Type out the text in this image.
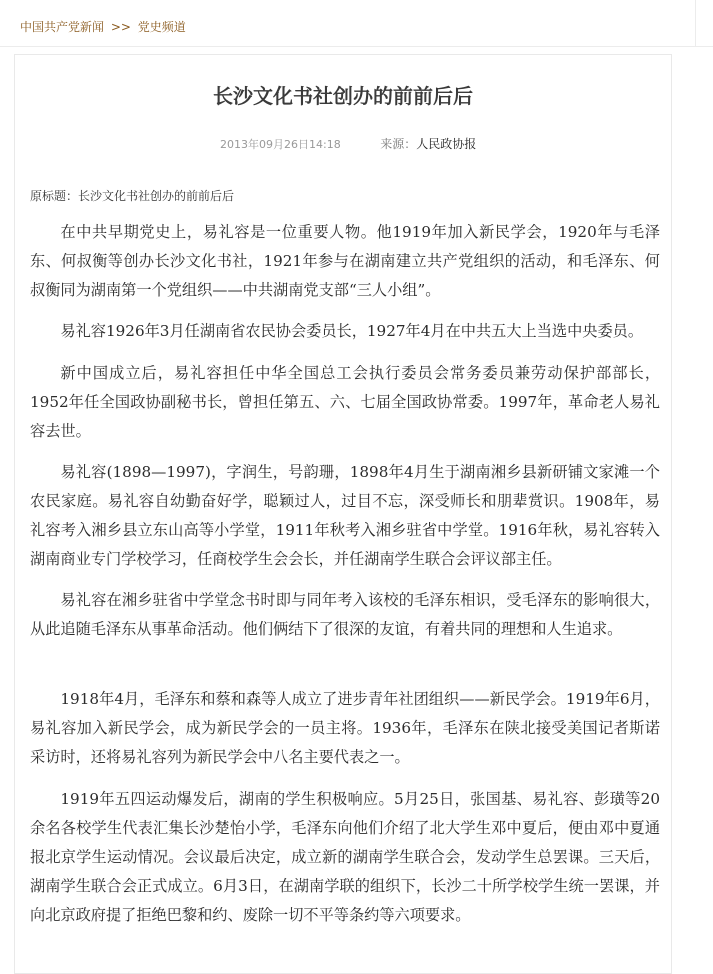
中国共产党新闻 >> 党史频道
长沙文化书社创办的前前后后
2013年09月26日14:18	来源：人民政协报
原标题：长沙文化书社创办的前前后后

在中共早期党史上，易礼容是一位重要人物。他1919年加入新民学会，1920年与毛泽东、何叔衡等创办长沙文化书社，1921年参与在湖南建立共产党组织的活动，和毛泽东、何叔衡同为湖南第一个党组织——中共湖南党支部“三人小组”。

易礼容1926年3月任湖南省农民协会委员长，1927年4月在中共五大上当选中央委员。

新中国成立后，易礼容担任中华全国总工会执行委员会常务委员兼劳动保护部部长，1952年任全国政协副秘书长，曾担任第五、六、七届全国政协常委。1997年，革命老人易礼容去世。

易礼容(1898—1997)，字润生，号韵珊，1898年4月生于湖南湘乡县新研铺文家滩一个农民家庭。易礼容自幼勤奋好学，聪颖过人，过目不忘，深受师长和朋辈赏识。1908年，易礼容考入湘乡县立东山高等小学堂，1911年秋考入湘乡驻省中学堂。1916年秋，易礼容转入湖南商业专门学校学习，任商校学生会会长，并任湖南学生联合会评议部主任。

易礼容在湘乡驻省中学堂念书时即与同年考入该校的毛泽东相识，受毛泽东的影响很大，从此追随毛泽东从事革命活动。他们俩结下了很深的友谊，有着共同的理想和人生追求。

1918年4月，毛泽东和蔡和森等人成立了进步青年社团组织——新民学会。1919年6月，易礼容加入新民学会，成为新民学会的一员主将。1936年，毛泽东在陕北接受美国记者斯诺采访时，还将易礼容列为新民学会中八名主要代表之一。

1919年五四运动爆发后，湖南的学生积极响应。5月25日，张国基、易礼容、彭璜等20余名各校学生代表汇集长沙楚怡小学，毛泽东向他们介绍了北大学生邓中夏后，便由邓中夏通报北京学生运动情况。会议最后决定，成立新的湖南学生联合会，发动学生总罢课。三天后，湖南学生联合会正式成立。6月3日，在湖南学联的组织下，长沙二十所学校学生统一罢课，并向北京政府提了拒绝巴黎和约、废除一切不平等条约等六项要求。
